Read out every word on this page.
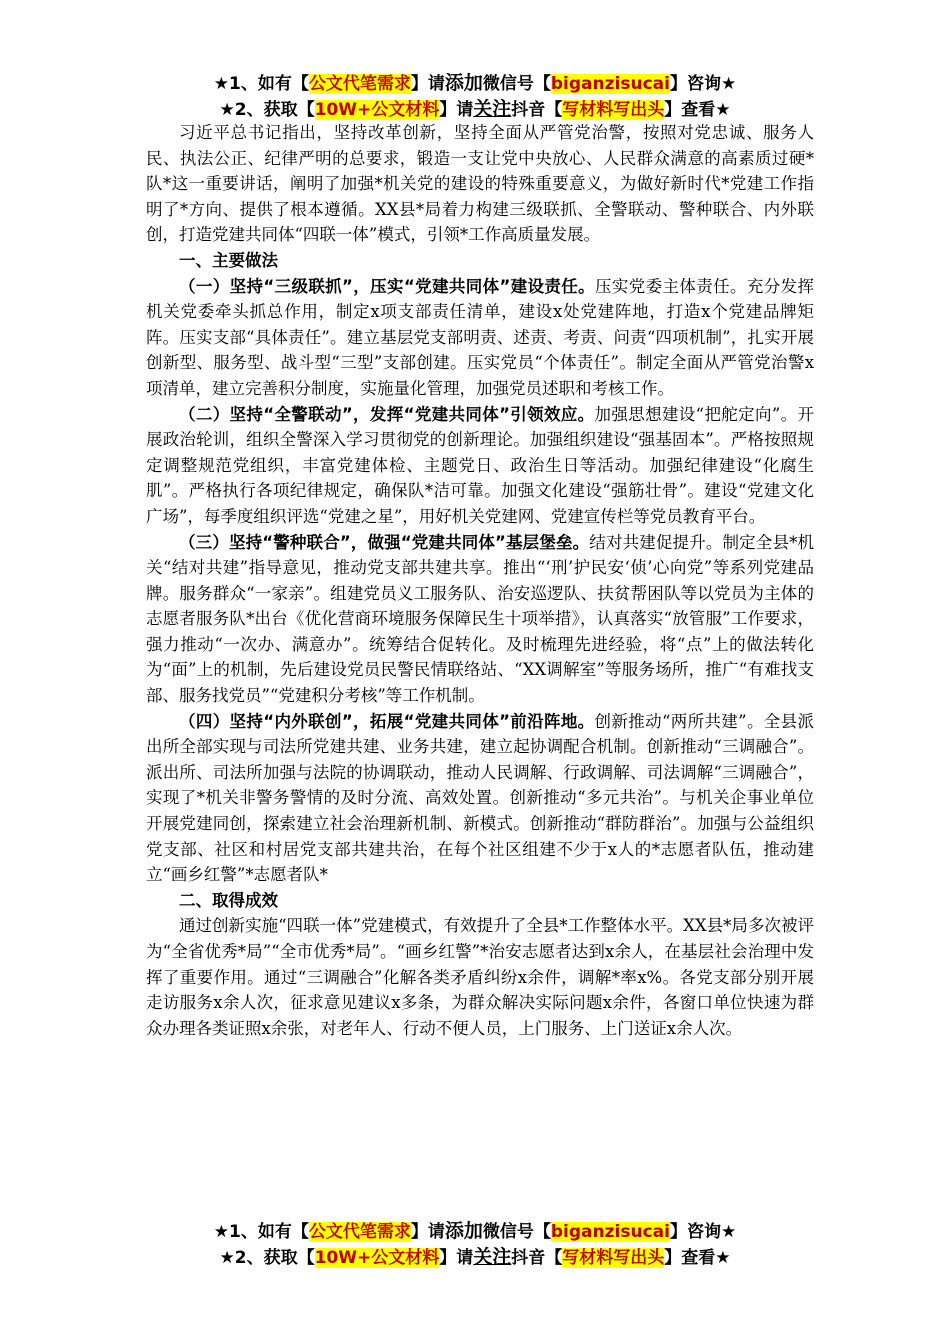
★1、如有【公文代笔需求】请添加微信号【biganzisucai】咨询★
★2、获取【10W+公文材料】请关注抖音【写材料写出头】查看★

习近平总书记指出，坚持改革创新，坚持全面从严管党治警，按照对党忠诚、服务人民、执法公正、纪律严明的总要求，锻造一支让党中央放心、人民群众满意的高素质过硬*队*这一重要讲话，阐明了加强*机关党的建设的特殊重要意义，为做好新时代*党建工作指明了*方向、提供了根本遵循。XX县*局着力构建三级联抓、全警联动、警种联合、内外联创，打造党建共同体“四联一体”模式，引领*工作高质量发展。

一、主要做法

（一）坚持“三级联抓”，压实“党建共同体”建设责任。压实党委主体责任。充分发挥机关党委牵头抓总作用，制定x项支部责任清单，建设x处党建阵地，打造x个党建品牌矩阵。压实支部“具体责任”。建立基层党支部明责、述责、考责、问责“四项机制”，扎实开展创新型、服务型、战斗型“三型”支部创建。压实党员“个体责任”。制定全面从严管党治警x项清单，建立完善积分制度，实施量化管理，加强党员述职和考核工作。

（二）坚持“全警联动”，发挥“党建共同体”引领效应。加强思想建设“把舵定向”。开展政治轮训，组织全警深入学习贯彻党的创新理论。加强组织建设“强基固本”。严格按照规定调整规范党组织，丰富党建体检、主题党日、政治生日等活动。加强纪律建设“化腐生肌”。严格执行各项纪律规定，确保队*洁可靠。加强文化建设“强筋壮骨”。建设“党建文化广场”，每季度组织评选“党建之星”，用好机关党建网、党建宣传栏等党员教育平台。

（三）坚持“警种联合”，做强“党建共同体”基层堡垒。结对共建促提升。制定全县*机关“结对共建”指导意见，推动党支部共建共享。推出“‘刑’护民安‘侦’心向党”等系列党建品牌。服务群众“一家亲”。组建党员义工服务队、治安巡逻队、扶贫帮困队等以党员为主体的志愿者服务队*出台《优化营商环境服务保障民生十项举措》，认真落实“放管服”工作要求，强力推动“一次办、满意办”。统筹结合促转化。及时梳理先进经验，将“点”上的做法转化为“面”上的机制，先后建设党员民警民情联络站、“XX调解室”等服务场所，推广“有难找支部、服务找党员”“党建积分考核”等工作机制。

（四）坚持“内外联创”，拓展“党建共同体”前沿阵地。创新推动“两所共建”。全县派出所全部实现与司法所党建共建、业务共建，建立起协调配合机制。创新推动“三调融合”。派出所、司法所加强与法院的协调联动，推动人民调解、行政调解、司法调解“三调融合”，实现了*机关非警务警情的及时分流、高效处置。创新推动“多元共治”。与机关企事业单位开展党建同创，探索建立社会治理新机制、新模式。创新推动“群防群治”。加强与公益组织党支部、社区和村居党支部共建共治，在每个社区组建不少于x人的*志愿者队伍，推动建立“画乡红警”*志愿者队*

二、取得成效

通过创新实施“四联一体”党建模式，有效提升了全县*工作整体水平。XX县*局多次被评为“全省优秀*局”“全市优秀*局”。“画乡红警”*治安志愿者达到x余人，在基层社会治理中发挥了重要作用。通过“三调融合”化解各类矛盾纠纷x余件，调解*率x%。各党支部分别开展走访服务x余人次，征求意见建议x多条，为群众解决实际问题x余件，各窗口单位快速为群众办理各类证照x余张，对老年人、行动不便人员，上门服务、上门送证x余人次。

★1、如有【公文代笔需求】请添加微信号【biganzisucai】咨询★
★2、获取【10W+公文材料】请关注抖音【写材料写出头】查看★
